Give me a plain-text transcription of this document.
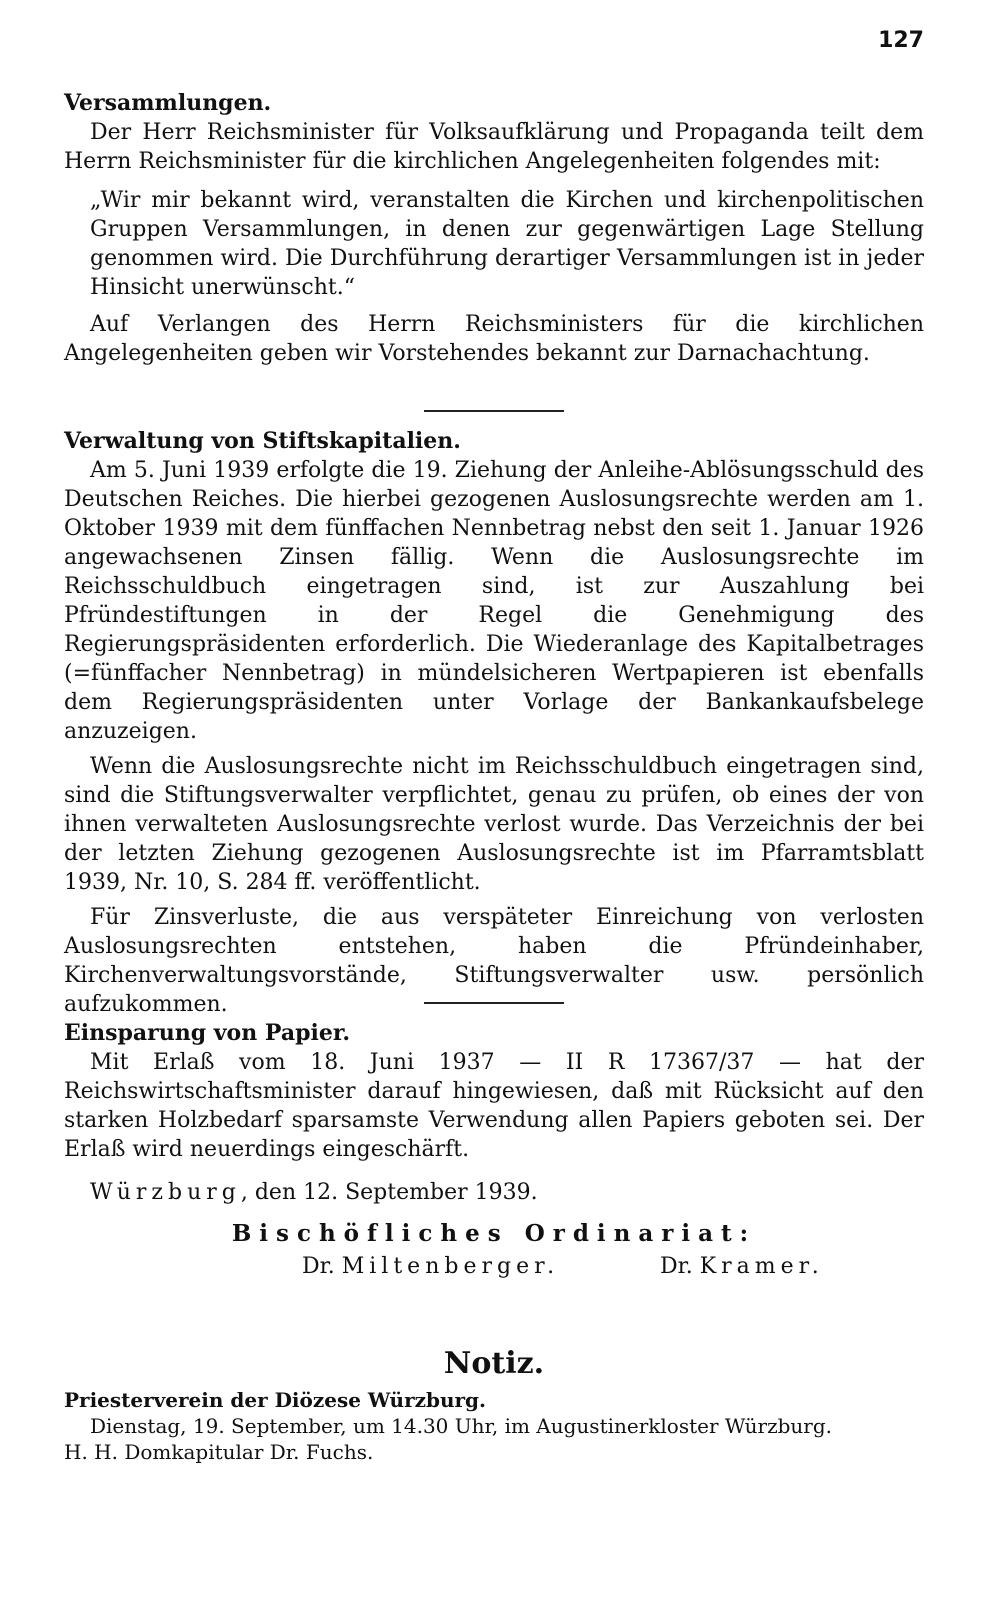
127

Versammlungen.

Der Herr Reichsminister für Volksaufklärung und Propaganda teilt dem Herrn Reichsminister für die kirchlichen Angelegenheiten folgendes mit:

„Wir mir bekannt wird, veranstalten die Kirchen und kirchenpolitischen Gruppen Versammlungen, in denen zur gegenwärtigen Lage Stellung genommen wird. Die Durchführung derartiger Versammlungen ist in jeder Hinsicht unerwünscht.“

Auf Verlangen des Herrn Reichsministers für die kirchlichen Angelegenheiten geben wir Vorstehendes bekannt zur Darnachachtung.

Verwaltung von Stiftskapitalien.

Am 5. Juni 1939 erfolgte die 19. Ziehung der Anleihe-Ablösungsschuld des Deutschen Reiches. Die hierbei gezogenen Auslosungsrechte werden am 1. Oktober 1939 mit dem fünffachen Nennbetrag nebst den seit 1. Januar 1926 angewachsenen Zinsen fällig. Wenn die Auslosungsrechte im Reichsschuldbuch eingetragen sind, ist zur Auszahlung bei Pfründestiftungen in der Regel die Genehmigung des Regierungspräsidenten erforderlich. Die Wiederanlage des Kapitalbetrages (=fünffacher Nennbetrag) in mündelsicheren Wertpapieren ist ebenfalls dem Regierungspräsidenten unter Vorlage der Bankankaufsbelege anzuzeigen.

Wenn die Auslosungsrechte nicht im Reichsschuldbuch eingetragen sind, sind die Stiftungsverwalter verpflichtet, genau zu prüfen, ob eines der von ihnen verwalteten Auslosungsrechte verlost wurde. Das Verzeichnis der bei der letzten Ziehung gezogenen Auslosungsrechte ist im Pfarramtsblatt 1939, Nr. 10, S. 284 ff. veröffentlicht.

Für Zinsverluste, die aus verspäteter Einreichung von verlosten Auslosungsrechten entstehen, haben die Pfründeinhaber, Kirchenverwaltungsvorstände, Stiftungsverwalter usw. persönlich aufzukommen.

Einsparung von Papier.

Mit Erlaß vom 18. Juni 1937 — II R 17367/37 — hat der Reichswirtschaftsminister darauf hingewiesen, daß mit Rücksicht auf den starken Holzbedarf sparsamste Verwendung allen Papiers geboten sei. Der Erlaß wird neuerdings eingeschärft.

Würzburg, den 12. September 1939.

Bischöfliches Ordinariat:

Dr. Miltenberger.	Dr. Kramer.

Notiz.

Priesterverein der Diözese Würzburg.

Dienstag, 19. September, um 14.30 Uhr, im Augustinerkloster Würzburg.

H. H. Domkapitular Dr. Fuchs.
